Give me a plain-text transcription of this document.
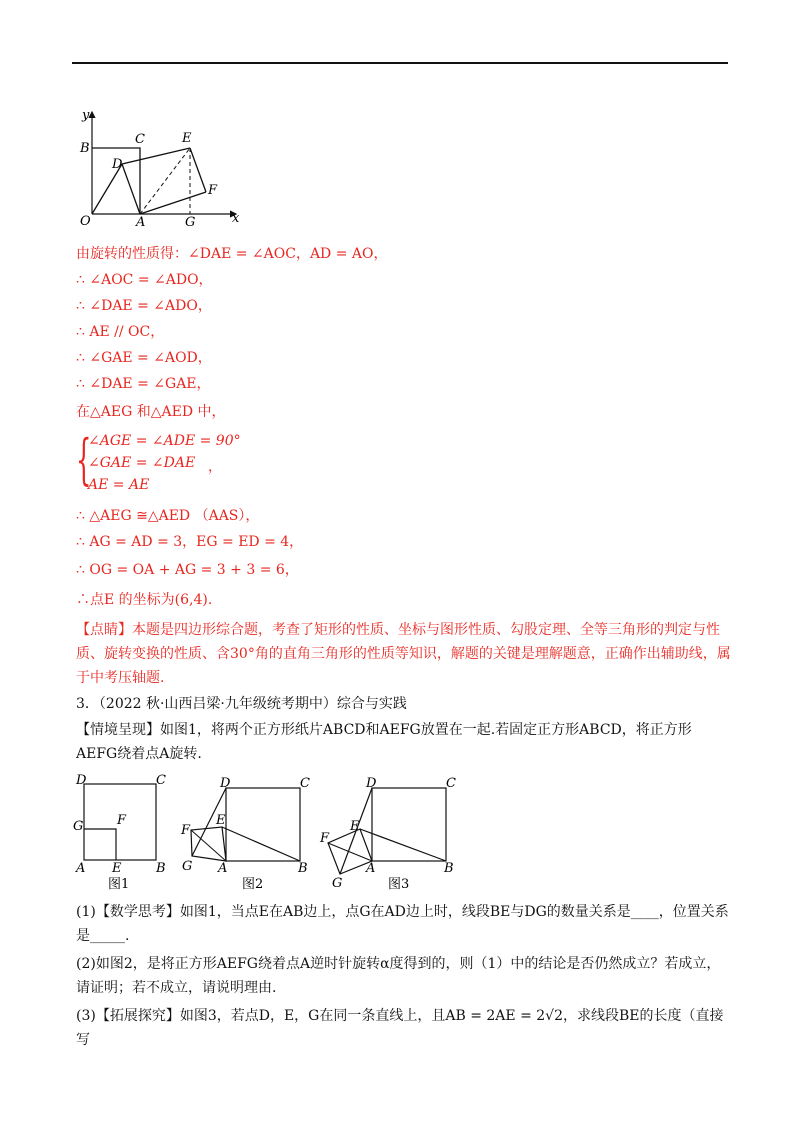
y
B
C	E
D
F
O	A	G	x
由旋转的性质得：∠DAE = ∠AOC，AD = AO，
∴ ∠AOC = ∠ADO，
∴ ∠DAE = ∠ADO，
∴ AE // OC，
∴ ∠GAE = ∠AOD，
∴ ∠DAE = ∠GAE，
在△AEG 和△AED 中，
{
∠AGE = ∠ADE = 90°
∠GAE = ∠DAE
AE = AE
，
∴ △AEG ≅△AED （AAS），
∴ AG = AD = 3，EG = ED = 4，
∴ OG = OA + AG = 3 + 3 = 6，
∴点E 的坐标为(6,4).
【点睛】本题是四边形综合题，考查了矩形的性质、坐标与图形性质、勾股定理、全等三角形的判定与性质、旋转变换的性质、含30°角的直角三角形的性质等知识，解题的关键是理解题意，正确作出辅助线，属于中考压轴题.
3．（2022 秋·山西吕梁·九年级统考期中）综合与实践
【情境呈现】如图1，将两个正方形纸片ABCD和AEFG放置在一起.若固定正方形ABCD，将正方形AEFG绕着点A旋转.
D	C
G	F
A E	B
图1
D	C
F
E
G A	B
图2
D	C
F
E
G
A	B
图3
(1)【数学思考】如图1，当点E在AB边上，点G在AD边上时，线段BE与DG的数量关系是____，位置关系是_____.
(2)如图2，是将正方形AEFG绕着点A逆时针旋转α度得到的，则（1）中的结论是否仍然成立？若成立，请证明；若不成立，请说明理由.
(3)【拓展探究】如图3，若点D，E，G在同一条直线上，且AB = 2AE = 2√2，求线段BE的长度（直接写
